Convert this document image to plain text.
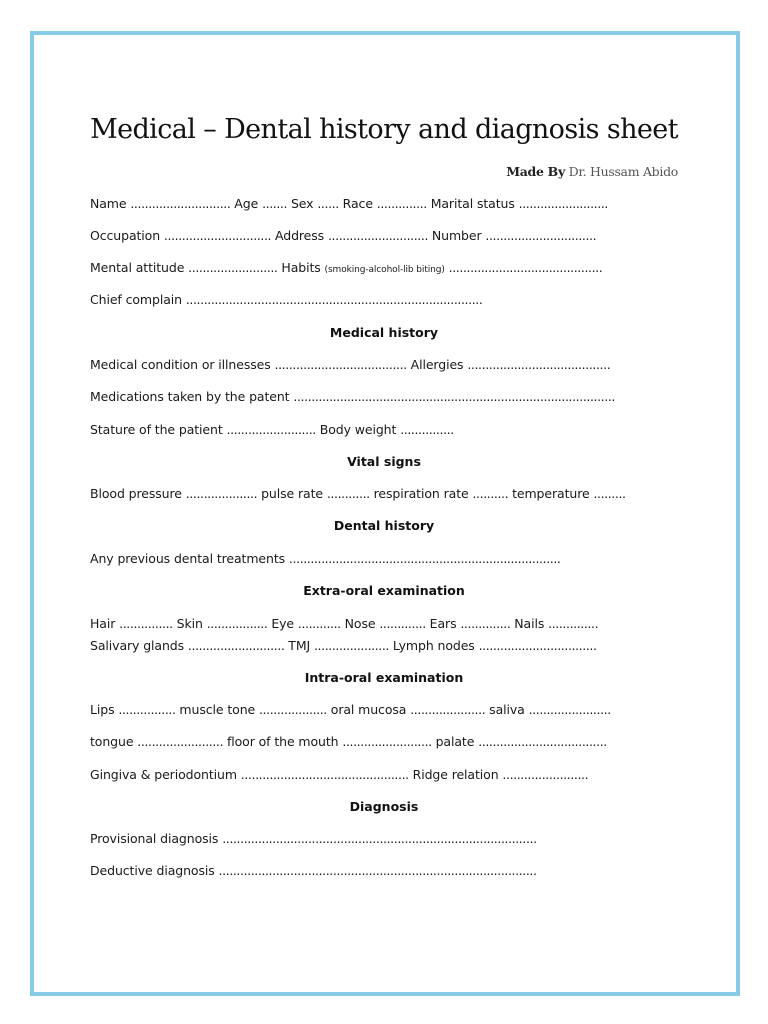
Medical – Dental history and diagnosis sheet
Made By Dr. Hussam Abido
Name ............................ Age ....... Sex ...... Race .............. Marital status .........................
Occupation .............................. Address ............................ Number ...............................
Mental attitude ......................... Habits (smoking-alcohol-lib biting) ...........................................
Chief complain ...................................................................................
Medical history
Medical condition or illnesses ..................................... Allergies ........................................
Medications taken by the patent ..........................................................................................
Stature of the patient ......................... Body weight ...............
Vital signs
Blood pressure .................... pulse rate ............ respiration rate .......... temperature .........
Dental history
Any previous dental treatments ............................................................................
Extra-oral examination
Hair ............... Skin ................. Eye ............ Nose ............. Ears .............. Nails ..............
Salivary glands ........................... TMJ ..................... Lymph nodes .................................
Intra-oral examination
Lips ................ muscle tone ................... oral mucosa ..................... saliva .......................
tongue ........................ floor of the mouth ......................... palate ....................................
Gingiva & periodontium ............................................... Ridge relation ........................
Diagnosis
Provisional diagnosis ........................................................................................
Deductive diagnosis .........................................................................................
